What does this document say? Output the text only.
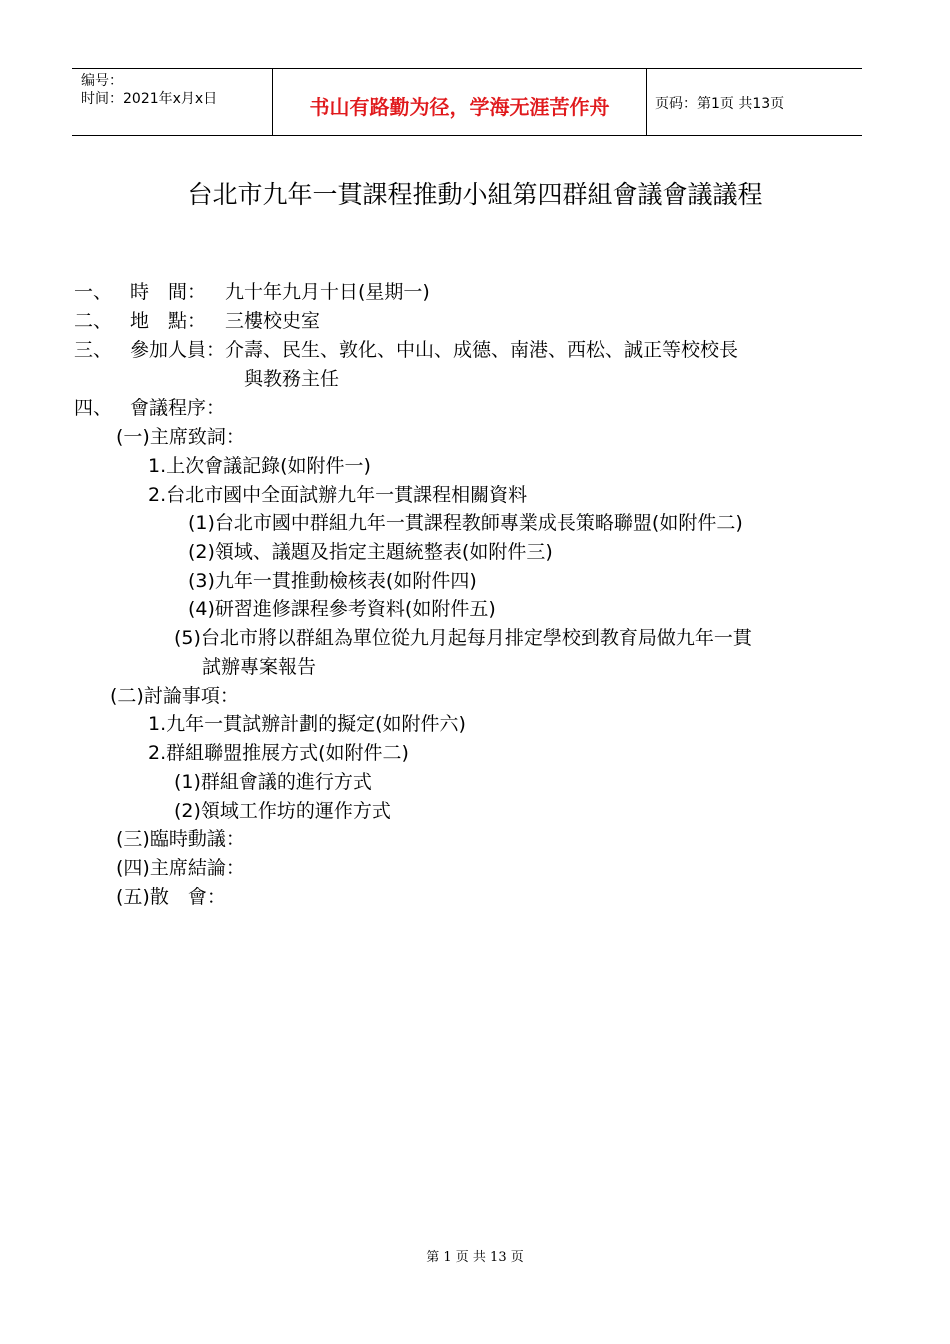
编号：
时间：2021年x月x日	书山有路勤为径，学海无涯苦作舟	页码：第1页 共13页
台北市九年一貫課程推動小組第四群組會議會議議程
一、 時　間： 九十年九月十日(星期一)
二、 地　點： 三樓校史室
三、 參加人員： 介壽、民生、敦化、中山、成德、南港、西松、誠正等校校長
與教務主任
四、 會議程序：
(一)主席致詞：
1.上次會議記錄(如附件一)
2.台北市國中全面試辦九年一貫課程相關資料
(1)台北市國中群組九年一貫課程教師專業成長策略聯盟(如附件二)
(2)領域、議題及指定主題統整表(如附件三)
(3)九年一貫推動檢核表(如附件四)
(4)研習進修課程參考資料(如附件五)
(5)台北市將以群組為單位從九月起每月排定學校到教育局做九年一貫
試辦專案報告
(二)討論事項：
1.九年一貫試辦計劃的擬定(如附件六)
2.群組聯盟推展方式(如附件二)
(1)群組會議的進行方式
(2)領域工作坊的運作方式
(三)臨時動議：
(四)主席結論：
(五)散　會：
第 1 页 共 13 页
